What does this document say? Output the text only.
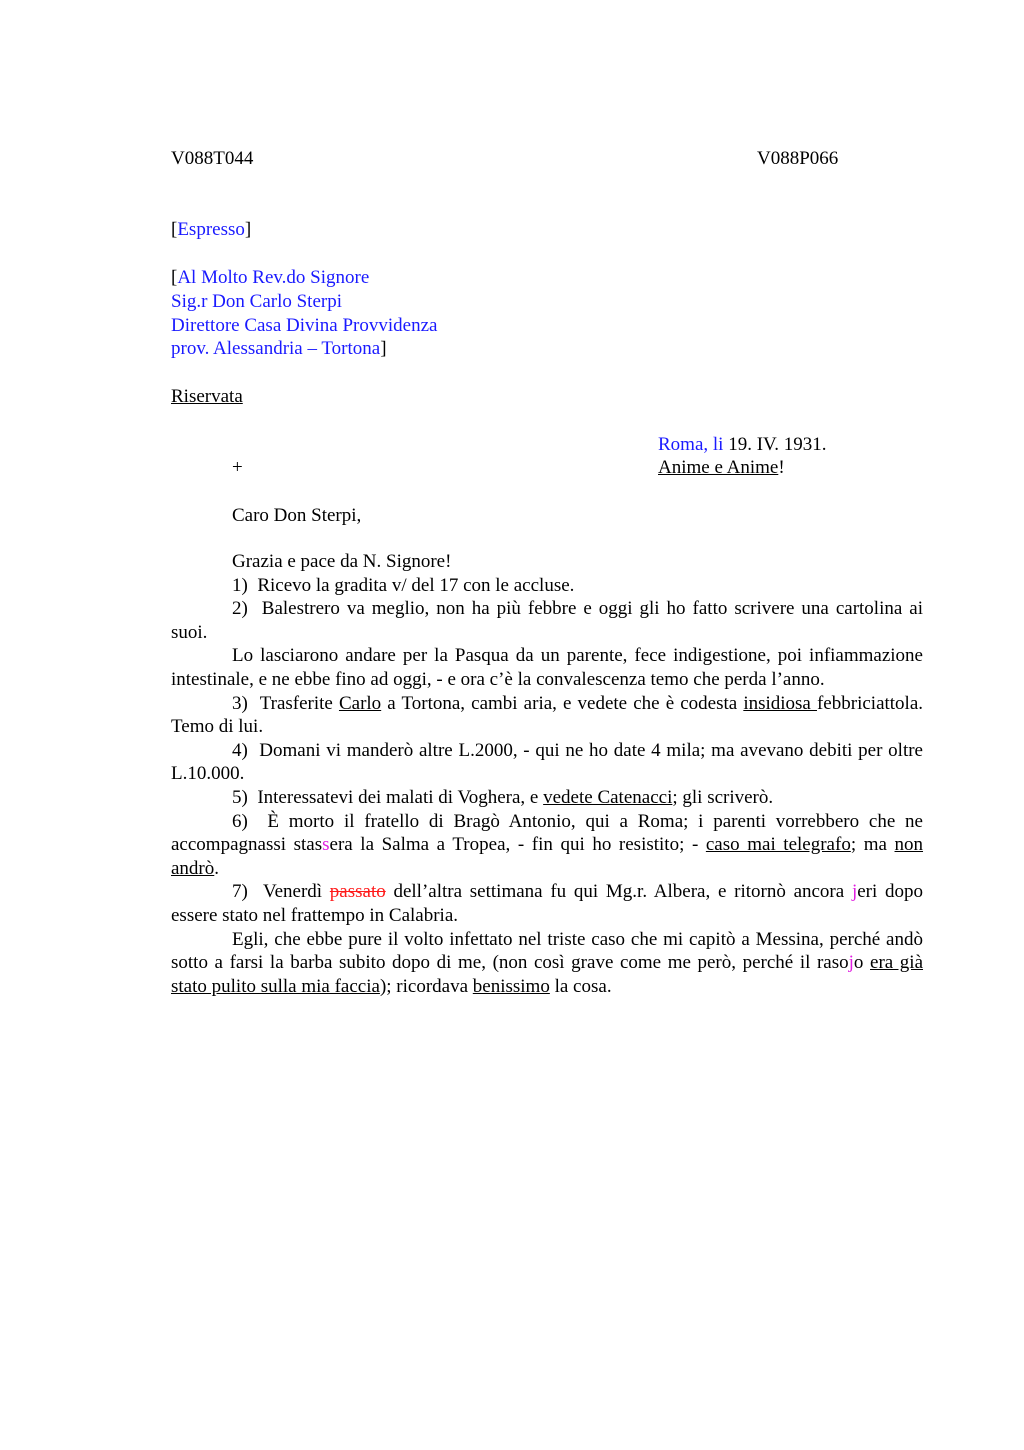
V088T044	V088P066
[Espresso]
[Al Molto Rev.do Signore
Sig.r Don Carlo Sterpi
Direttore Casa Divina Provvidenza
prov. Alessandria – Tortona]
Riservata
Roma, li 19. IV. 1931.
+	Anime e Anime!
Caro Don Sterpi,

Grazia e pace da N. Signore!

1)  Ricevo la gradita v/ del 17 con le accluse.

2)  Balestrero va meglio, non ha più febbre e oggi gli ho fatto scrivere una cartolina ai suoi.

Lo lasciarono andare per la Pasqua da un parente, fece indigestione, poi infiammazione intestinale, e ne ebbe fino ad oggi, - e ora c’è la convalescenza temo che perda l’anno.

3)  Trasferite Carlo a Tortona, cambi aria, e vedete che è codesta insidiosa febbriciattola. Temo di lui.

4)  Domani vi manderò altre L.2000, - qui ne ho date 4 mila; ma avevano debiti per oltre L.10.000.

5)  Interessatevi dei malati di Voghera, e vedete Catenacci; gli scriverò.

6)  È morto il fratello di Bragò Antonio, qui a Roma; i parenti vorrebbero che ne accompagnassi stassera la Salma a Tropea, - fin qui ho resistito; - caso mai telegrafo; ma non andrò.

7)  Venerdì passato dell’altra settimana fu qui Mg.r. Albera, e ritornò ancora jeri dopo essere stato nel frattempo in Calabria.

Egli, che ebbe pure il volto infettato nel triste caso che mi capitò a Messina, perché andò sotto a farsi la barba subito dopo di me, (non così grave come me però, perché il rasojo era già stato pulito sulla mia faccia); ricordava benissimo la cosa.
